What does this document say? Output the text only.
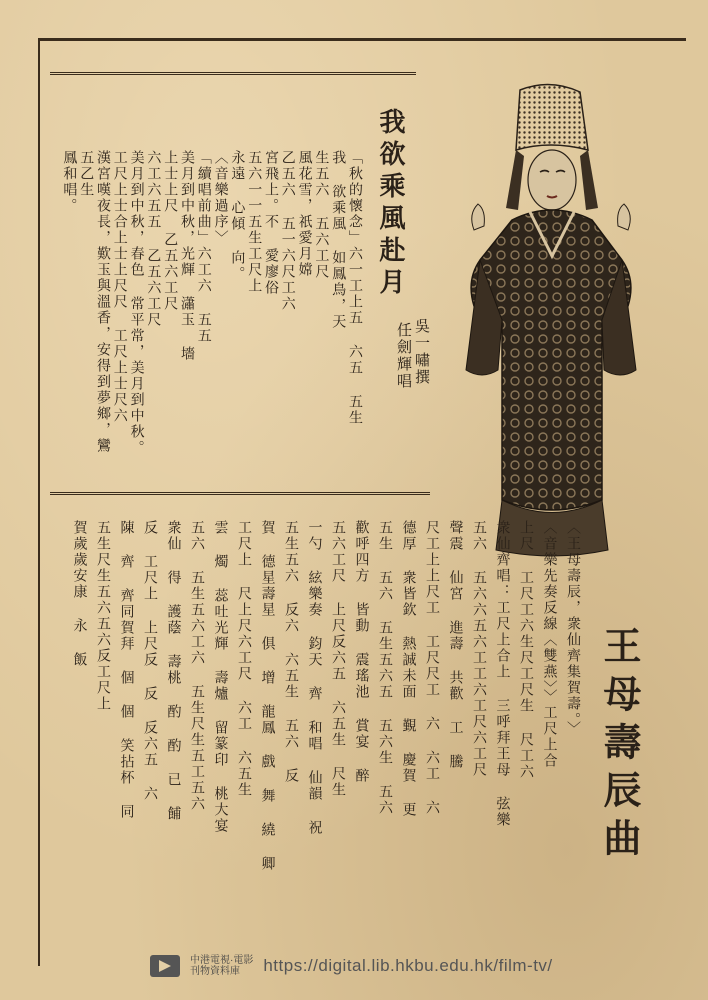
我欲乘風赴月
吳一嘯撰
任劍輝唱
「秋的懷念」六一工上五 六五 五生
我 欲乘風 如鳳鳥，天
生五六 五六工尺
風花雪，祇愛月嫦
乙五六 五一六尺工六
宮飛上。不 愛廖俗
五六一一五生工尺上
永遠 心傾 向。
〈音樂過序〉
「續唱前曲」六工六 五五
美月到中秋，光輝 瀟玉 墻
上士上尺 乙五六工尺
六工六五五 乙五六工尺
美月到中秋，春色 常平常，美月到中秋。
工尺上士合上士上尺尺 工尺上士尺六
漢宮嘆夜長，歎玉與溫香，安得到夢鄉，鸞
五乙生
鳳和唱。
王母壽辰曲
〈王母壽辰，衆仙齊集賀壽。〉
〈音樂先奏反線〈雙燕〉〉工尺上合
上尺 工尺工六生尺工尺生 尺工六
衆仙齊唱：工尺上合上 三呼拜王母 弦樂
五六 五六六五六工工六工尺六工尺
聲震 仙宮 進壽 共歡 工 騰
尺工上上尺工 工尺尺工 六 六工 六
德厚 衆皆欽 熱誠未面 覲 慶賀 更
五生 五六 五生五六五 五六生 五六
歡呼四方 皆動 震瑤池 賞宴 醉
五六工尺 上尺反六五 六五生 尺生
一勺 絃樂奏 鈞天 齊 和唱 仙韻 祝
五生五六 反六 六五生 五六 反
賀 德星壽星 俱 增 龍鳳 戲 舞 繞 卿
工尺上 尺上尺六工尺 六工 六五生
雲 燭 蕊吐光輝 壽爐 留篆印 桃大宴
五六 五生五六工六 五生尺生五工五六
衆仙 得 護蔭 壽桃 酌 酌 已 餔
反 工尺上 上尺反 反 反六五 六
陳 齊 齊同賀拜 個 個 笑拈杯 同
五生尺生五六五六反工尺上
賀歲歲安康 永 飯
中港電視·電影
刊物資料庫	https://digital.lib.hkbu.edu.hk/film-tv/
